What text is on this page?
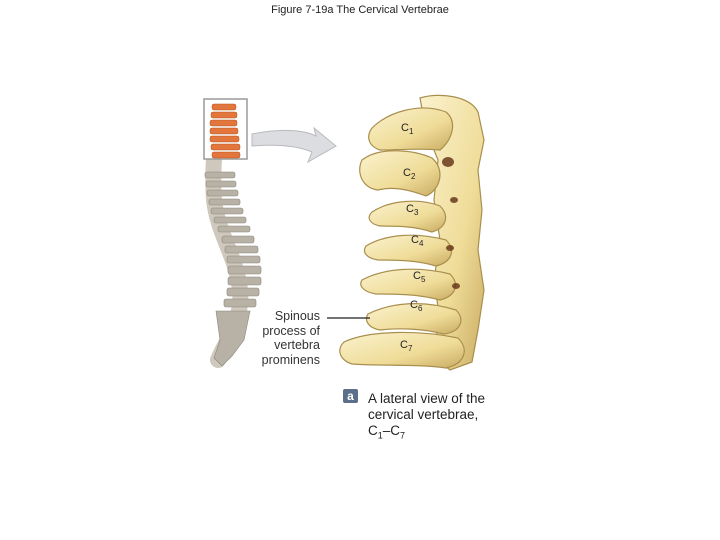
Figure 7-19a The Cervical Vertebrae
$C_1$
$C_2$
$C_3$
$C_4$
$C_5$
$C_6$
$C_7$
Spinous
process of
vertebra
prominens
a	A lateral view of the
cervical vertebrae,
$C_1-C_7$
